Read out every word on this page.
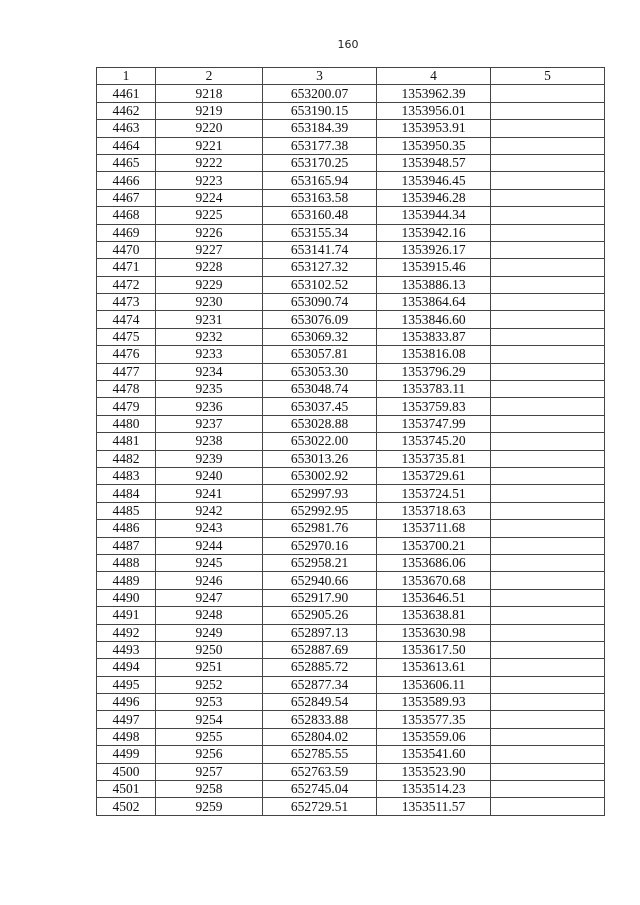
160
1	2	3	4	5
4461	9218	653200.07	1353962.39	
4462	9219	653190.15	1353956.01	
4463	9220	653184.39	1353953.91	
4464	9221	653177.38	1353950.35	
4465	9222	653170.25	1353948.57	
4466	9223	653165.94	1353946.45	
4467	9224	653163.58	1353946.28	
4468	9225	653160.48	1353944.34	
4469	9226	653155.34	1353942.16	
4470	9227	653141.74	1353926.17	
4471	9228	653127.32	1353915.46	
4472	9229	653102.52	1353886.13	
4473	9230	653090.74	1353864.64	
4474	9231	653076.09	1353846.60	
4475	9232	653069.32	1353833.87	
4476	9233	653057.81	1353816.08	
4477	9234	653053.30	1353796.29	
4478	9235	653048.74	1353783.11	
4479	9236	653037.45	1353759.83	
4480	9237	653028.88	1353747.99	
4481	9238	653022.00	1353745.20	
4482	9239	653013.26	1353735.81	
4483	9240	653002.92	1353729.61	
4484	9241	652997.93	1353724.51	
4485	9242	652992.95	1353718.63	
4486	9243	652981.76	1353711.68	
4487	9244	652970.16	1353700.21	
4488	9245	652958.21	1353686.06	
4489	9246	652940.66	1353670.68	
4490	9247	652917.90	1353646.51	
4491	9248	652905.26	1353638.81	
4492	9249	652897.13	1353630.98	
4493	9250	652887.69	1353617.50	
4494	9251	652885.72	1353613.61	
4495	9252	652877.34	1353606.11	
4496	9253	652849.54	1353589.93	
4497	9254	652833.88	1353577.35	
4498	9255	652804.02	1353559.06	
4499	9256	652785.55	1353541.60	
4500	9257	652763.59	1353523.90	
4501	9258	652745.04	1353514.23	
4502	9259	652729.51	1353511.57	
